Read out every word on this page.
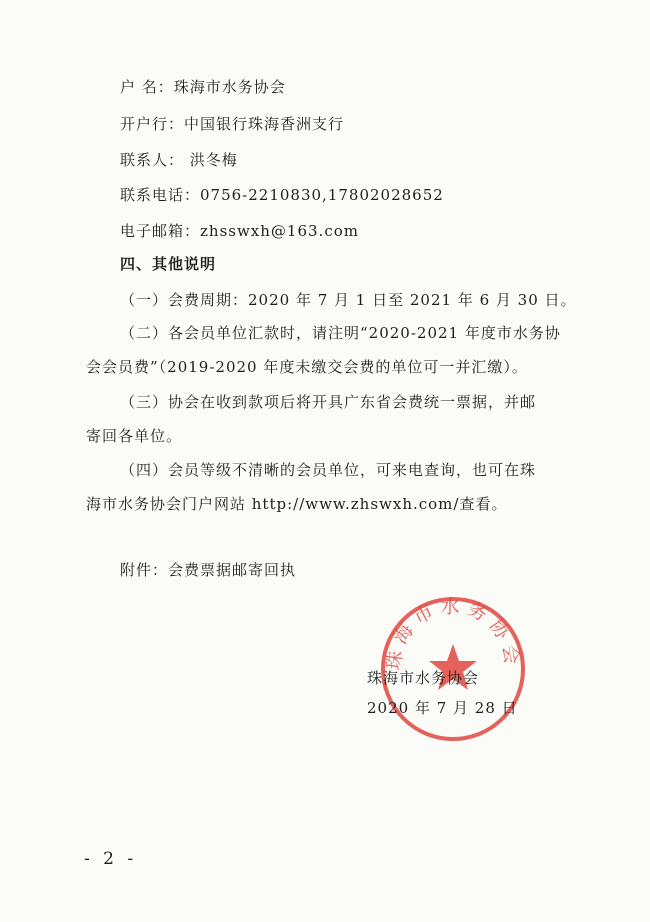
户 名：珠海市水务协会
开户行：中国银行珠海香洲支行
联系人： 洪冬梅
联系电话：0756-2210830,17802028652
电子邮箱：zhsswxh@163.com
四、其他说明
（一）会费周期：2020 年 7 月 1 日至 2021 年 6 月 30 日。
（二）各会员单位汇款时，请注明“2020-2021 年度市水务协
会会员费”（2019-2020 年度未缴交会费的单位可一并汇缴）。
（三）协会在收到款项后将开具广东省会费统一票据，并邮
寄回各单位。
（四）会员等级不清晰的会员单位，可来电查询，也可在珠
海市水务协会门户网站 http://www.zhswxh.com/查看。
附件：会费票据邮寄回执
珠海市水务协会
珠海市水务协会
2020 年 7 月 28 日
- 2 -
